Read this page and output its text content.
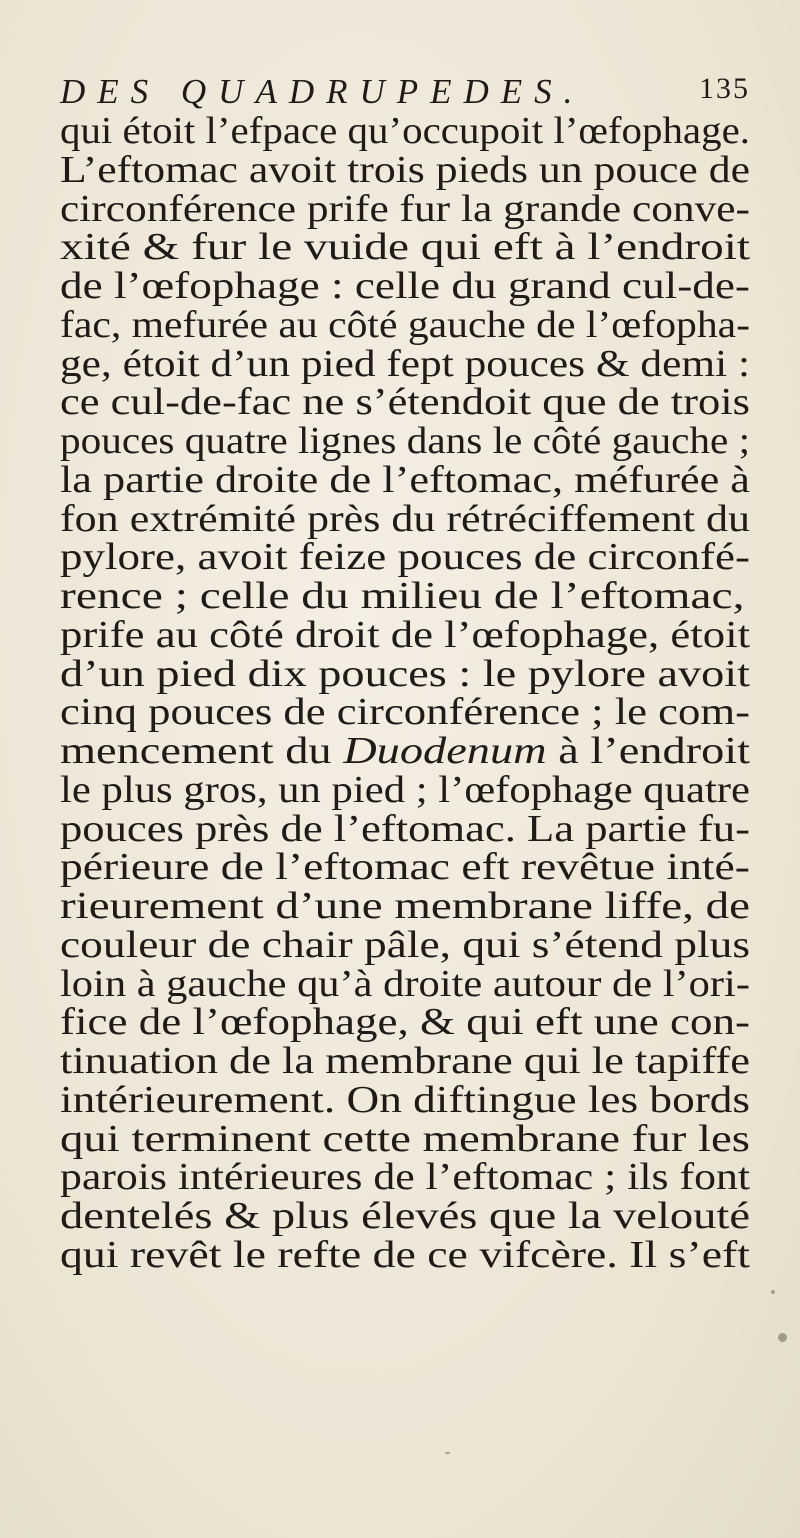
DES QUADRUPEDES.	135
qui étoit l’efpace qu’occupoit l’œfophage.
L’eftomac avoit trois pieds un pouce de
circonférence prife fur la grande conve-
xité & fur le vuide qui eft à l’endroit
de l’œfophage : celle du grand cul-de-
fac, mefurée au côté gauche de l’œfopha-
ge, étoit d’un pied fept pouces & demi :
ce cul-de-fac ne s’étendoit que de trois
pouces quatre lignes dans le côté gauche ;
la partie droite de l’eftomac, méfurée à
fon extrémité près du rétréciffement du
pylore, avoit feize pouces de circonfé-
rence ; celle du milieu de l’eftomac,
prife au côté droit de l’œfophage, étoit
d’un pied dix pouces : le pylore avoit
cinq pouces de circonférence ; le com-
mencement du Duodenum à l’endroit
le plus gros, un pied ; l’œfophage quatre
pouces près de l’eftomac. La partie fu-
périeure de l’eftomac eft revêtue inté-
rieurement d’une membrane liffe, de
couleur de chair pâle, qui s’étend plus
loin à gauche qu’à droite autour de l’ori-
fice de l’œfophage, & qui eft une con-
tinuation de la membrane qui le tapiffe
intérieurement. On diftingue les bords
qui terminent cette membrane fur les
parois intérieures de l’eftomac ; ils font
dentelés & plus élevés que la velouté
qui revêt le refte de ce vifcère. Il s’eft
